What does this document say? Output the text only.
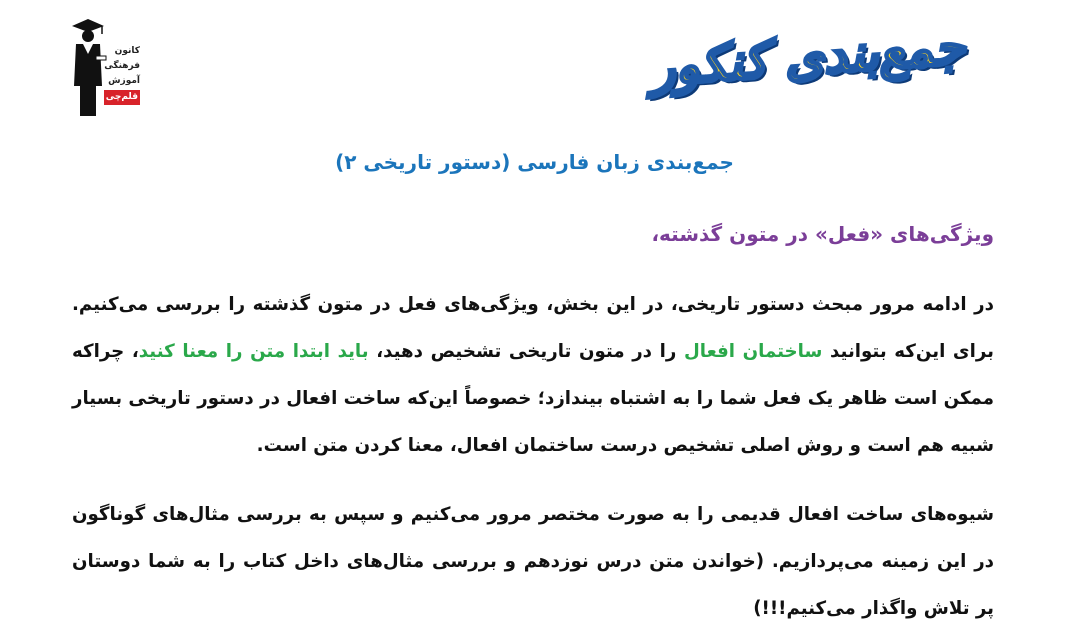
جمع‌بندی کنکور
کانون
فرهنگی
آموزش
قلم‌چی
جمع‌بندی زبان فارسی (دستور تاریخی ۲)
ویژگی‌های «فعل» در متون گذشته،

در ادامه مرور مبحث دستور تاریخی، در این بخش، ویژگی‌های فعل در متون گذشته را بررسی می‌کنیم. برای این‌که بتوانید ساختمان افعال را در متون تاریخی تشخیص دهید، باید ابتدا متن را معنا کنید، چراکه ممکن است ظاهر یک فعل شما را به اشتباه بیندازد؛ خصوصاً این‌که ساخت افعال در دستور تاریخی بسیار شبیه هم است و روش اصلی تشخیص درست ساختمان افعال، معنا کردن متن است.

شیوه‌های ساخت افعال قدیمی را به صورت مختصر مرور می‌کنیم و سپس به بررسی مثال‌های گوناگون در این زمینه می‌پردازیم. (خواندن متن درس نوزدهم و بررسی مثال‌های داخل کتاب را به شما دوستان پر تلاش واگذار می‌کنیم!!!)
